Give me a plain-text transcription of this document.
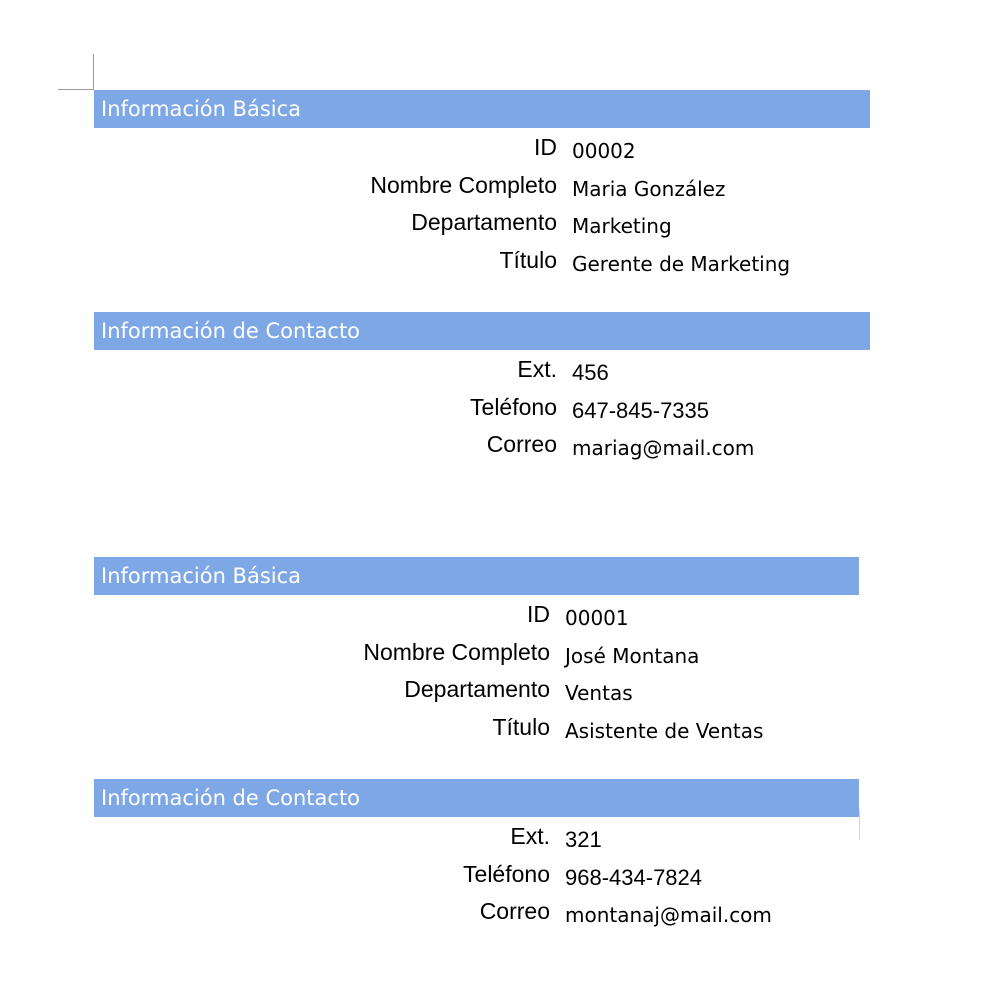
Información Básica
ID 00002
Nombre Completo Maria González
Departamento Marketing
Título Gerente de Marketing
Información de Contacto
Ext. 456
Teléfono 647-845-7335
Correo mariag@mail.com
Información Básica
ID 00001
Nombre Completo José Montana
Departamento Ventas
Título Asistente de Ventas
Información de Contacto
Ext. 321
Teléfono 968-434-7824
Correo montanaj@mail.com
